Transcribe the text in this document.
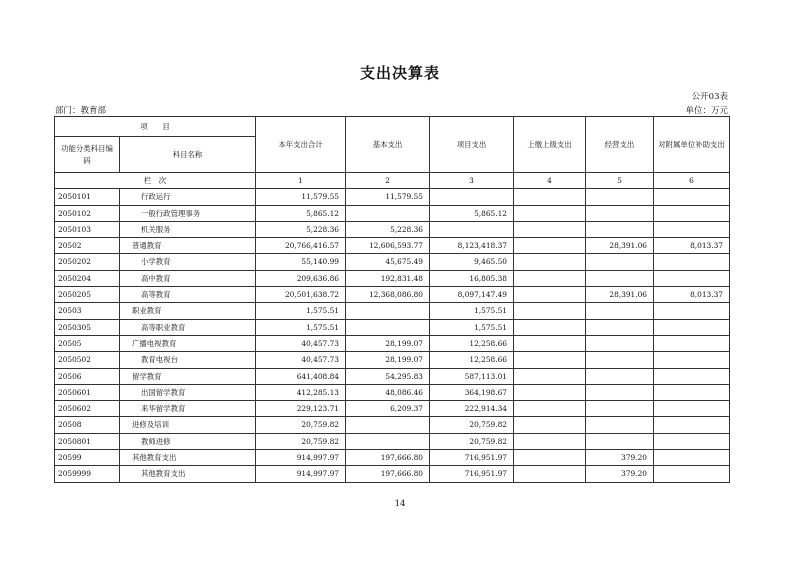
支出决算表
公开03表
部门：教育部	单位：万元
项　　目		本年支出合计	基本支出	项目支出	上缴上级支出	经营支出	对附属单位补助支出
功能分类科目编码	科目名称						
栏　次		1	2	3	4	5	6
2050101	行政运行	11,579.55	11,579.55				
2050102	一般行政管理事务	5,865.12		5,865.12			
2050103	机关服务	5,228.36	5,228.36				
20502	普通教育	20,766,416.57	12,606,593.77	8,123,418.37		28,391.06	8,013.37
2050202	小学教育	55,140.99	45,675.49	9,465.50			
2050204	高中教育	209,636.86	192,831.48	16,805.38			
2050205	高等教育	20,501,638.72	12,368,086.80	8,097,147.49		28,391.06	8,013.37
20503	职业教育	1,575.51		1,575.51			
2050305	高等职业教育	1,575.51		1,575.51			
20505	广播电视教育	40,457.73	28,199.07	12,258.66			
2050502	教育电视台	40,457.73	28,199.07	12,258.66			
20506	留学教育	641,408.84	54,295.83	587,113.01			
2050601	出国留学教育	412,285.13	48,086.46	364,198.67			
2050602	来华留学教育	229,123.71	6,209.37	222,914.34			
20508	进修及培训	20,759.82		20,759.82			
2050801	教师进修	20,759.82		20,759.82			
20599	其他教育支出	914,997.97	197,666.80	716,951.97		379.20	
2059999	其他教育支出	914,997.97	197,666.80	716,951.97		379.20	
14
